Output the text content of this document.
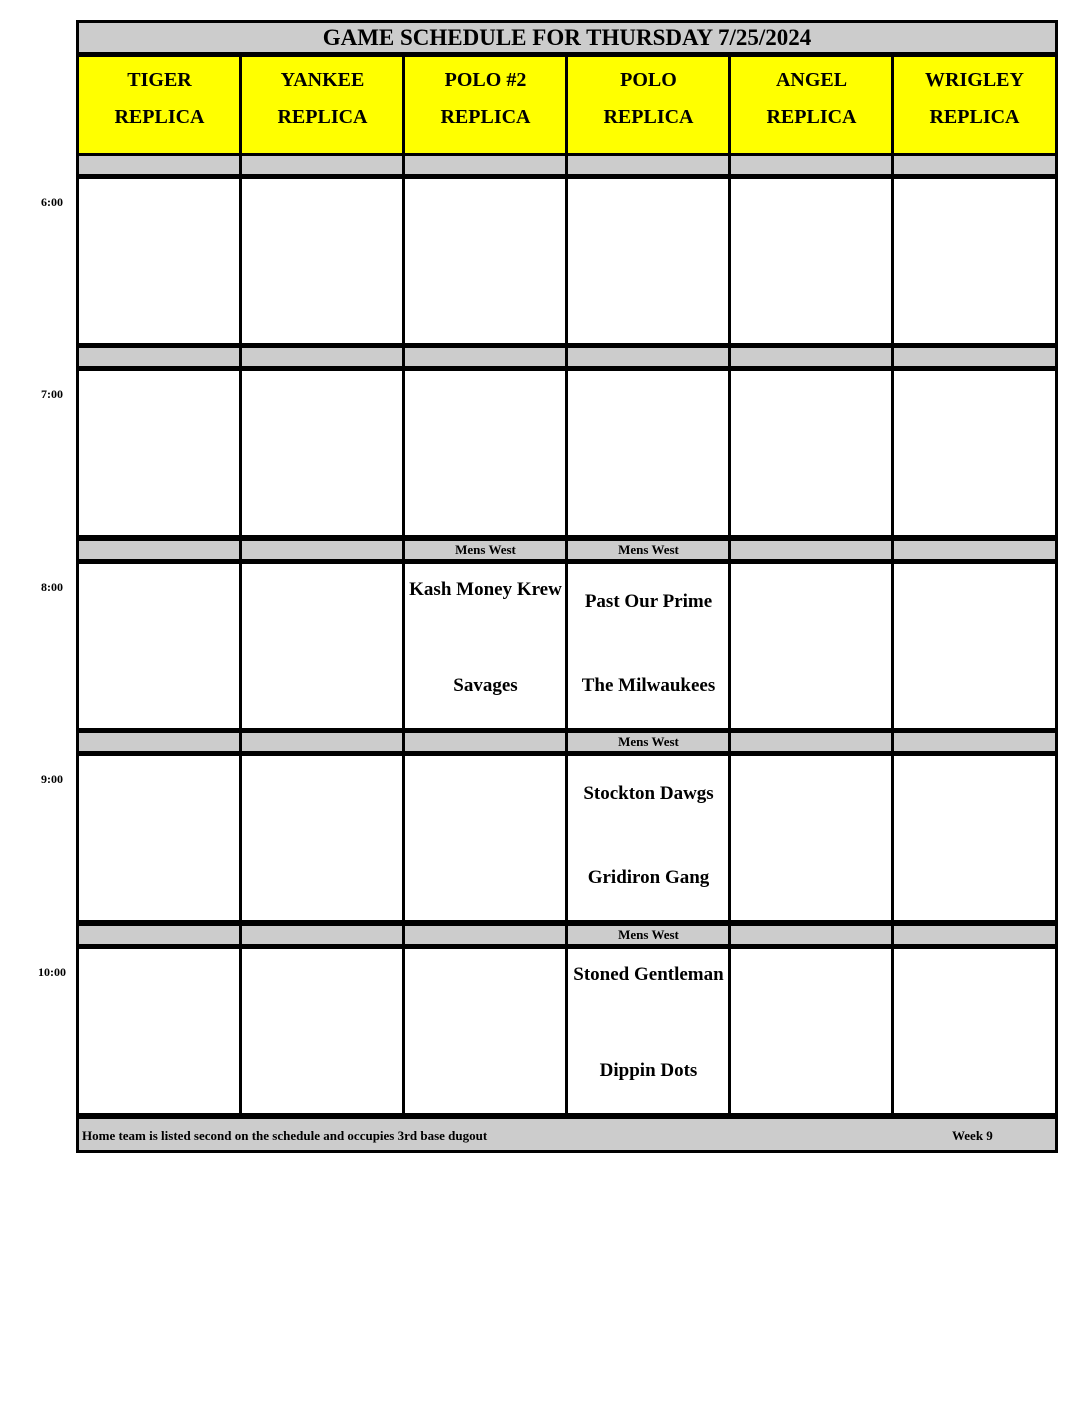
GAME SCHEDULE FOR THURSDAY 7/25/2024
TIGER
REPLICA
YANKEE
REPLICA
POLO #2
REPLICA
POLO
REPLICA
ANGEL
REPLICA
WRIGLEY
REPLICA
Mens West
Kash Money Krew
Savages
Mens West
Past Our Prime
The Milwaukees
Mens West
Stockton Dawgs
Gridiron Gang
Mens West
Stoned Gentleman
Dippin Dots
Home team is listed second on the schedule and occupies 3rd base dugout	Week 9
6:00
7:00
8:00
9:00
10:00
